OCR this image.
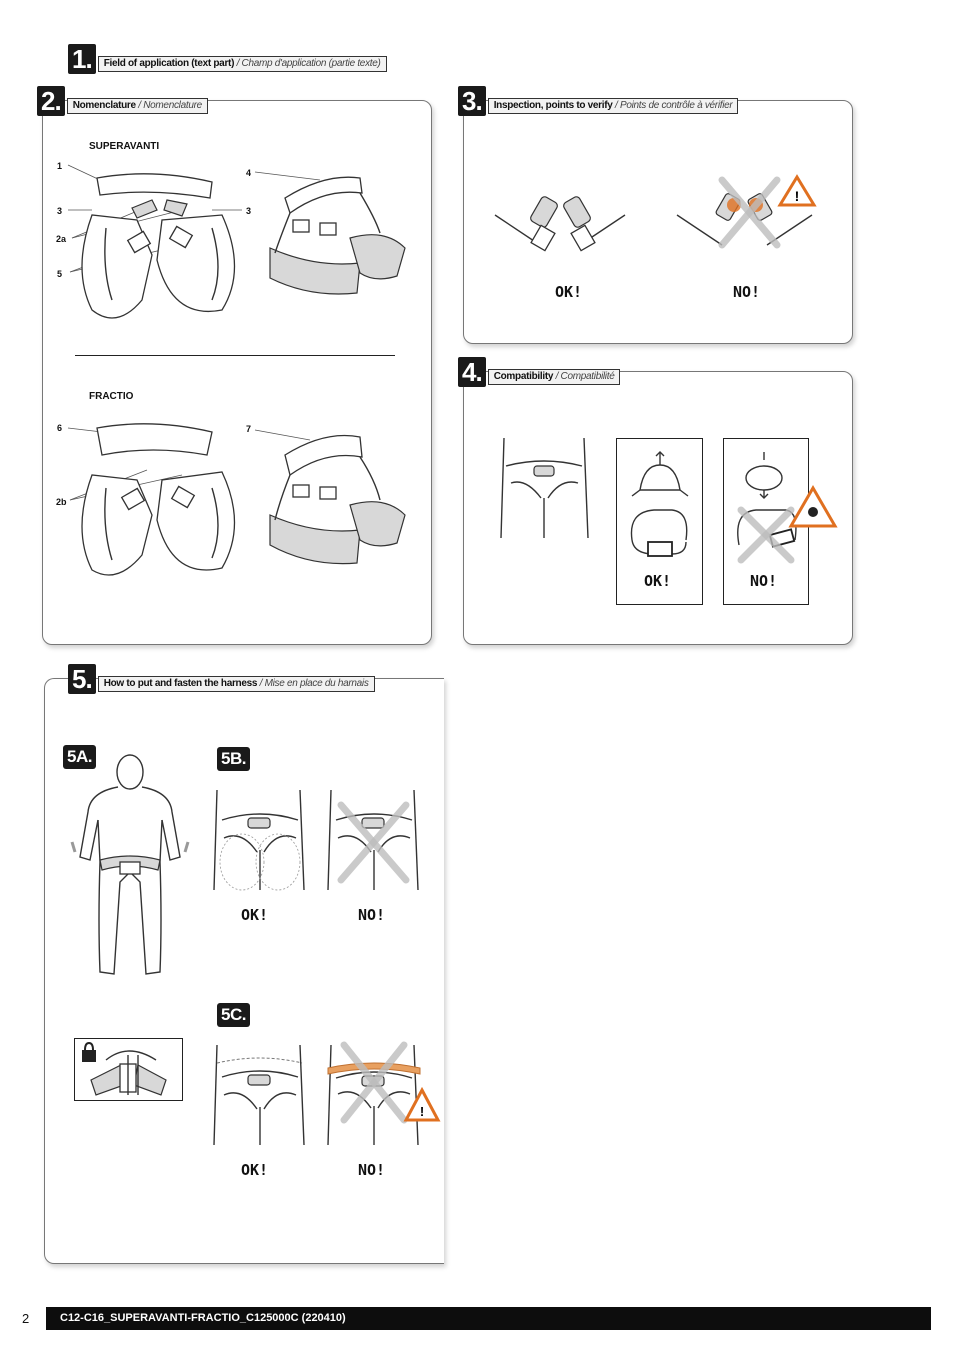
1.	Field of application (text part) / Champ d'application (partie texte)
2.	Nomenclature / Nomenclature
SUPERAVANTI
FRACTIO
1
3	3
2a
4
5
6
2b
7
3.	Inspection, points to verify / Points de contrôle à vérifier
!
OK!	NO!
4.	Compatibility / Compatibilité
OK!	NO!
5.	How to put and fasten the harness / Mise en place du harnais
5A.	5B.
5C.
OK!	NO!
!
OK!	NO!
2	C12-C16_SUPERAVANTI-FRACTIO_C125000C (220410)
